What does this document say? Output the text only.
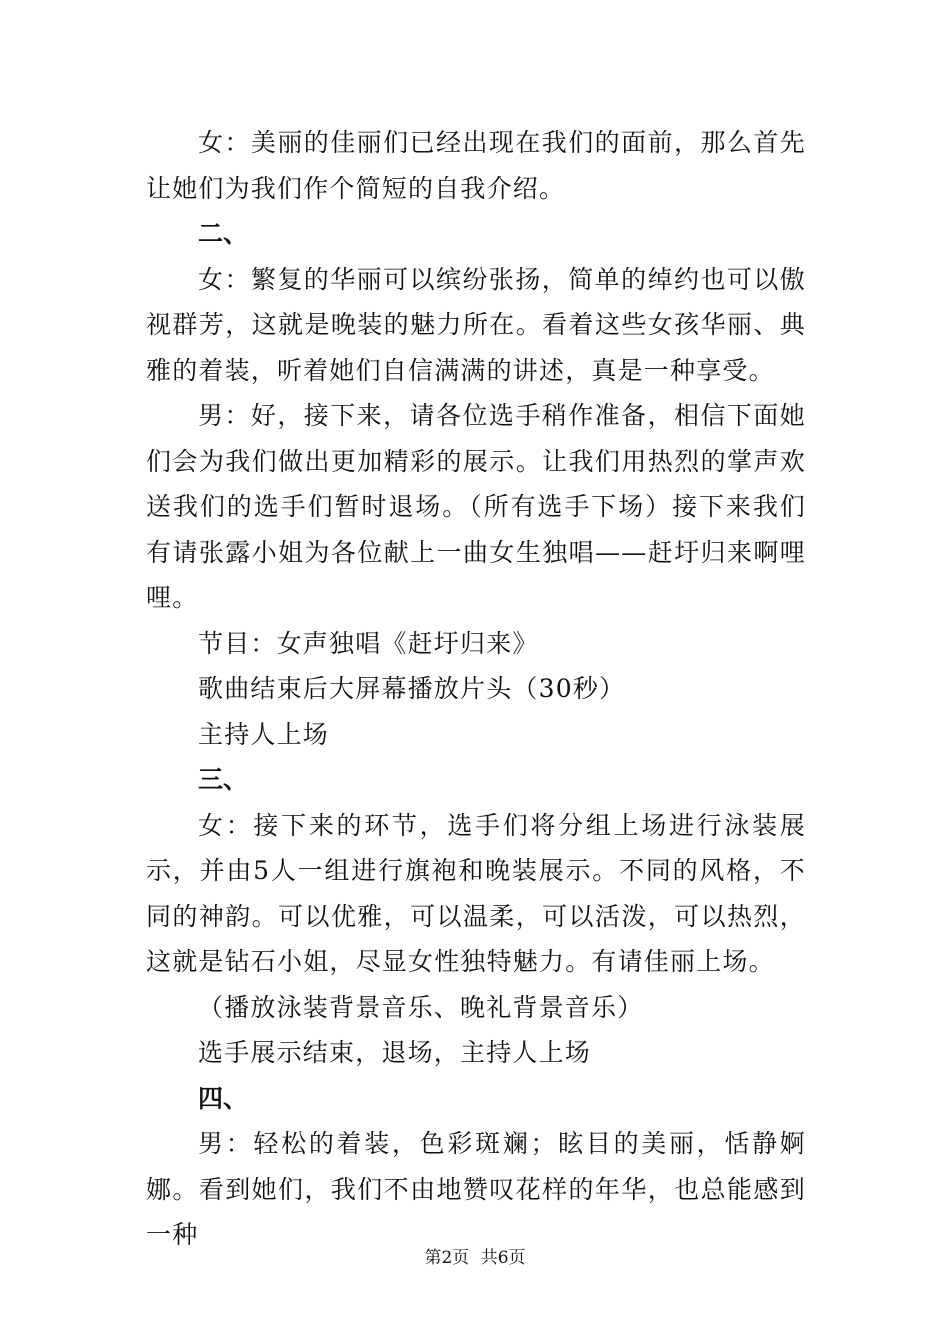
女：美丽的佳丽们已经出现在我们的面前，那么首先让她们为我们作个简短的自我介绍。

二、

女：繁复的华丽可以缤纷张扬，简单的绰约也可以傲视群芳，这就是晚装的魅力所在。看着这些女孩华丽、典雅的着装，听着她们自信满满的讲述，真是一种享受。

男：好，接下来，请各位选手稍作准备，相信下面她们会为我们做出更加精彩的展示。让我们用热烈的掌声欢送我们的选手们暂时退场。（所有选手下场）接下来我们有请张露小姐为各位献上一曲女生独唱——赶圩归来啊哩哩。

节目：女声独唱《赶圩归来》

歌曲结束后大屏幕播放片头（30秒）

主持人上场

三、

女：接下来的环节，选手们将分组上场进行泳装展示，并由5人一组进行旗袍和晚装展示。不同的风格，不同的神韵。可以优雅，可以温柔，可以活泼，可以热烈，这就是钻石小姐，尽显女性独特魅力。有请佳丽上场。

（播放泳装背景音乐、晚礼背景音乐）

选手展示结束，退场，主持人上场

四、

男：轻松的着装，色彩斑斓；眩目的美丽，恬静婀娜。看到她们，我们不由地赞叹花样的年华，也总能感到一种

第2页 共6页
